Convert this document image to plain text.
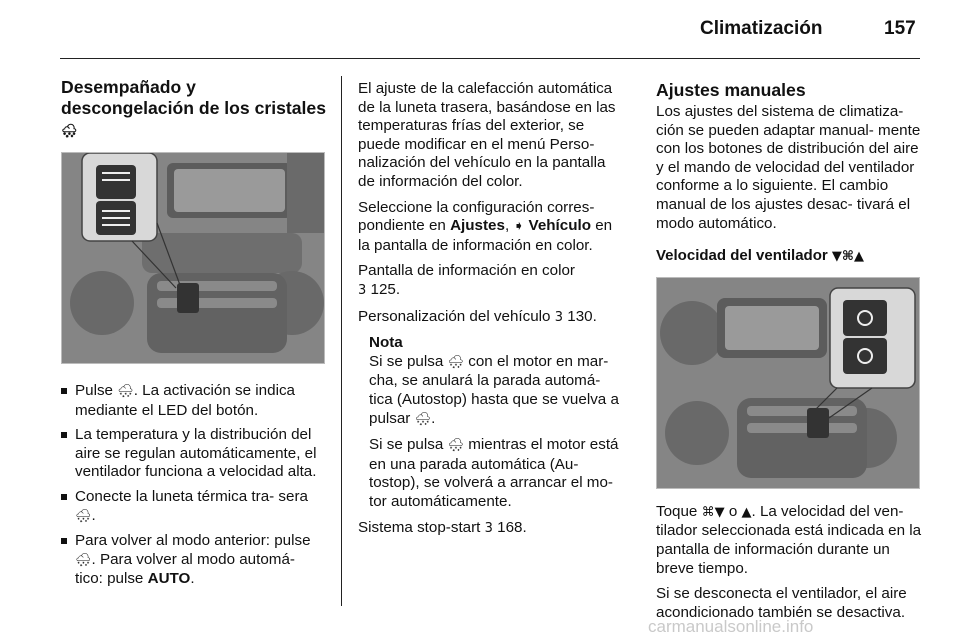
Climatización	157
Desempañado y descongelación de los cristales 🌨
Pulse 🌨. La activación se indica mediante el LED del botón.
La temperatura y la distribución del aire se regulan automáticamente, el ventilador funciona a velocidad alta.
Conecte la luneta térmica tra‑ sera 🌨.
Para volver al modo anterior: pulse 🌨. Para volver al modo automá‑ tico: pulse AUTO.

El ajuste de la calefacción automática de la luneta trasera, basándose en las temperaturas frías del exterior, se puede modificar en el menú Perso‑ nalización del vehículo en la pantalla de información del color.

Seleccione la configuración corres‑ pondiente en Ajustes, ➧ Vehículo en la pantalla de información en color.

Pantalla de información en color
3 125.

Personalización del vehículo 3 130.

Nota

Si se pulsa 🌨 con el motor en mar‑ cha, se anulará la parada automá‑ tica (Autostop) hasta que se vuelva a pulsar 🌨.

Si se pulsa 🌨 mientras el motor está en una parada automática (Au‑ tostop), se volverá a arrancar el mo‑ tor automáticamente.

Sistema stop‑start 3 168.

Ajustes manuales

Los ajustes del sistema de climatiza‑ ción se pueden adaptar manual‑ mente con los botones de distribución del aire y el mando de velocidad del ventilador conforme a lo siguiente. El cambio manual de los ajustes desac‑ tivará el modo automático.

Velocidad del ventilador ▼⌘▲

Toque ⌘▼ o ▲. La velocidad del ven‑ tilador seleccionada está indicada en la pantalla de información durante un breve tiempo.

Si se desconecta el ventilador, el aire acondicionado también se desactiva.

carmanualsonline.info
